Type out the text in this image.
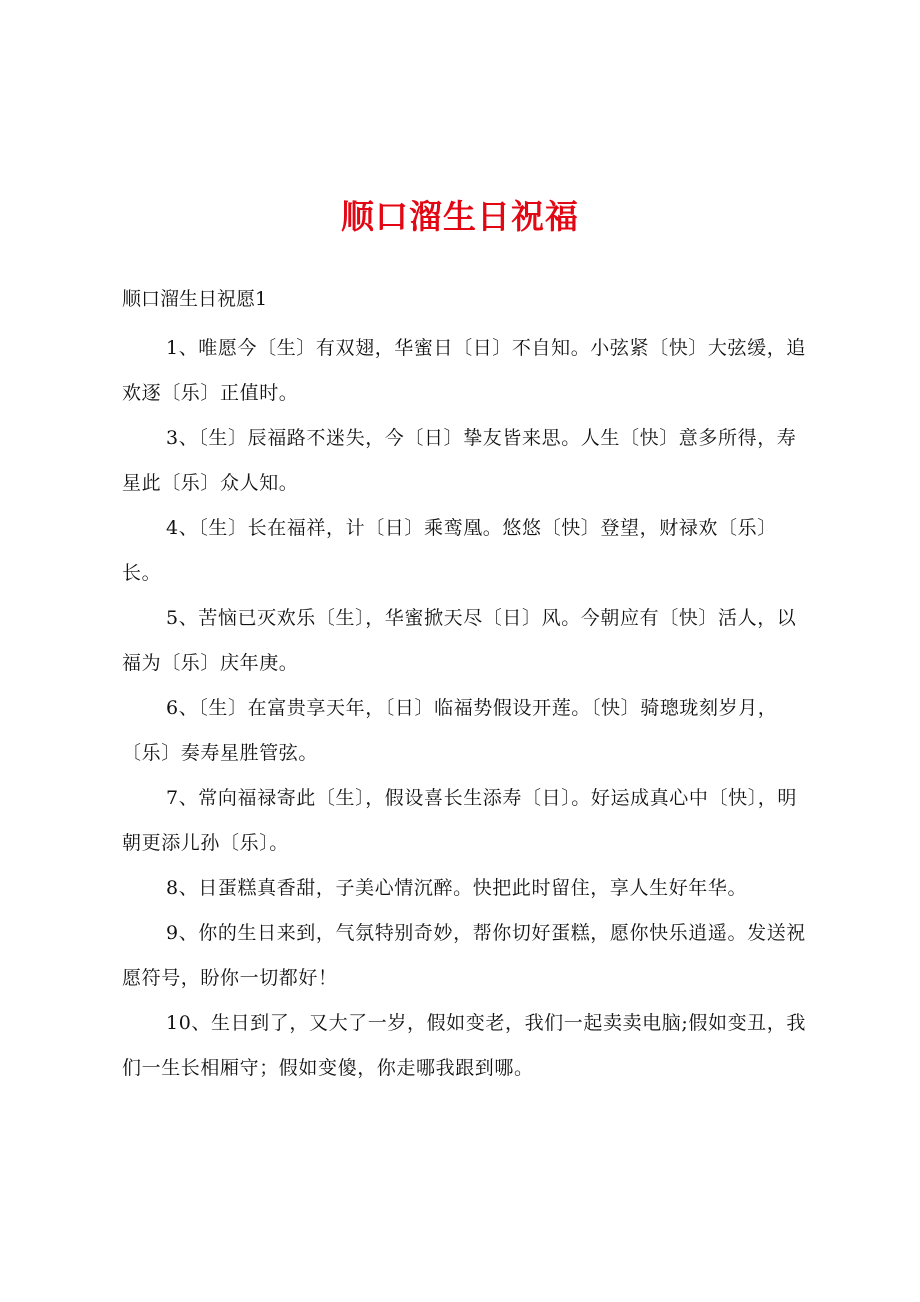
顺口溜生日祝福

顺口溜生日祝愿1

1、唯愿今〔生〕有双翅，华蜜日〔日〕不自知。小弦紧〔快〕大弦缓，追欢逐〔乐〕正值时。

3、〔生〕辰福路不迷失，今〔日〕挚友皆来思。人生〔快〕意多所得，寿星此〔乐〕众人知。

4、〔生〕长在福祥，计〔日〕乘鸾凰。悠悠〔快〕登望，财禄欢〔乐〕长。

5、苦恼已灭欢乐〔生〕，华蜜掀天尽〔日〕风。今朝应有〔快〕活人，以福为〔乐〕庆年庚。

6、〔生〕在富贵享天年，〔日〕临福势假设开莲。〔快〕骑璁珑刻岁月，〔乐〕奏寿星胜管弦。

7、常向福禄寄此〔生〕，假设喜长生添寿〔日〕。好运成真心中〔快〕，明朝更添儿孙〔乐〕。

8、日蛋糕真香甜，子美心情沉醉。快把此时留住，享人生好年华。

9、你的生日来到，气氛特别奇妙，帮你切好蛋糕，愿你快乐逍遥。发送祝愿符号，盼你一切都好！

10、生日到了，又大了一岁，假如变老，我们一起卖卖电脑;假如变丑，我们一生长相厢守；假如变傻，你走哪我跟到哪。
